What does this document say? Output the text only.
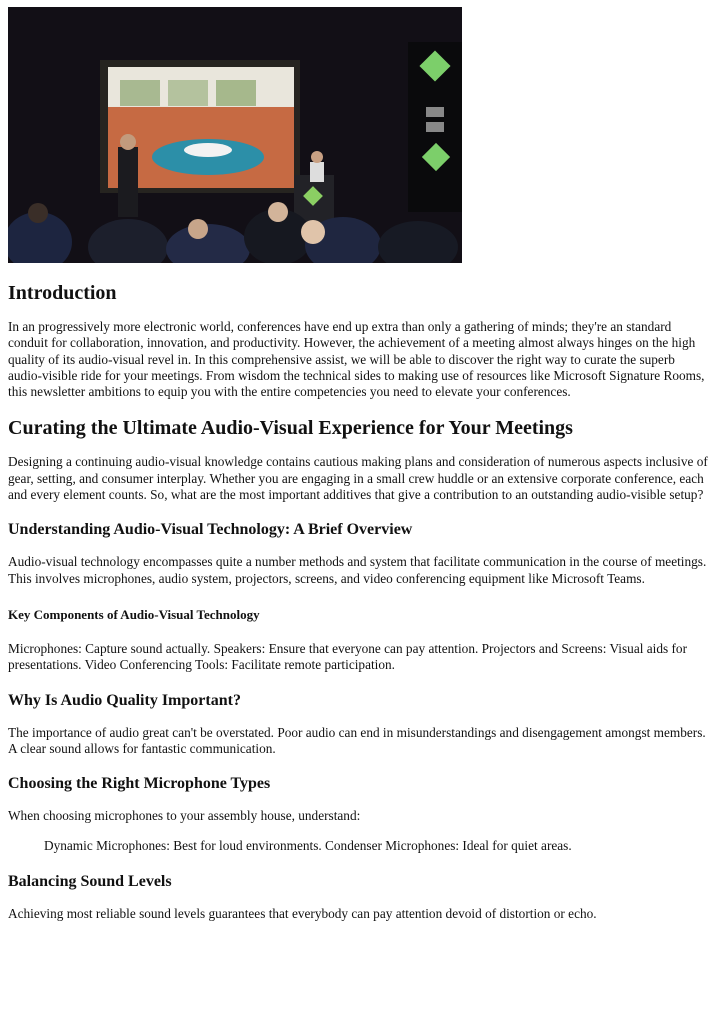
Introduction

In an progressively more electronic world, conferences have end up extra than only a gathering of minds; they're an standard conduit for collaboration, innovation, and productivity. However, the achievement of a meeting almost always hinges on the high quality of its audio-visual revel in. In this comprehensive assist, we will be able to discover the right way to curate the superb audio-visible ride for your meetings. From wisdom the technical sides to making use of resources like Microsoft Signature Rooms, this newsletter ambitions to equip you with the entire competencies you need to elevate your conferences.

Curating the Ultimate Audio-Visual Experience for Your Meetings

Designing a continuing audio-visual knowledge contains cautious making plans and consideration of numerous aspects inclusive of gear, setting, and consumer interplay. Whether you are engaging in a small crew huddle or an extensive corporate conference, each and every element counts. So, what are the most important additives that give a contribution to an outstanding audio-visible setup?

Understanding Audio-Visual Technology: A Brief Overview

Audio-visual technology encompasses quite a number methods and system that facilitate communication in the course of meetings. This involves microphones, audio system, projectors, screens, and video conferencing equipment like Microsoft Teams.

Key Components of Audio-Visual Technology

Microphones: Capture sound actually. Speakers: Ensure that everyone can pay attention. Projectors and Screens: Visual aids for presentations. Video Conferencing Tools: Facilitate remote participation.

Why Is Audio Quality Important?

The importance of audio great can't be overstated. Poor audio can end in misunderstandings and disengagement amongst members. A clear sound allows for fantastic communication.

Choosing the Right Microphone Types

When choosing microphones to your assembly house, understand:

Dynamic Microphones: Best for loud environments. Condenser Microphones: Ideal for quiet areas.

Balancing Sound Levels

Achieving most reliable sound levels guarantees that everybody can pay attention devoid of distortion or echo.
